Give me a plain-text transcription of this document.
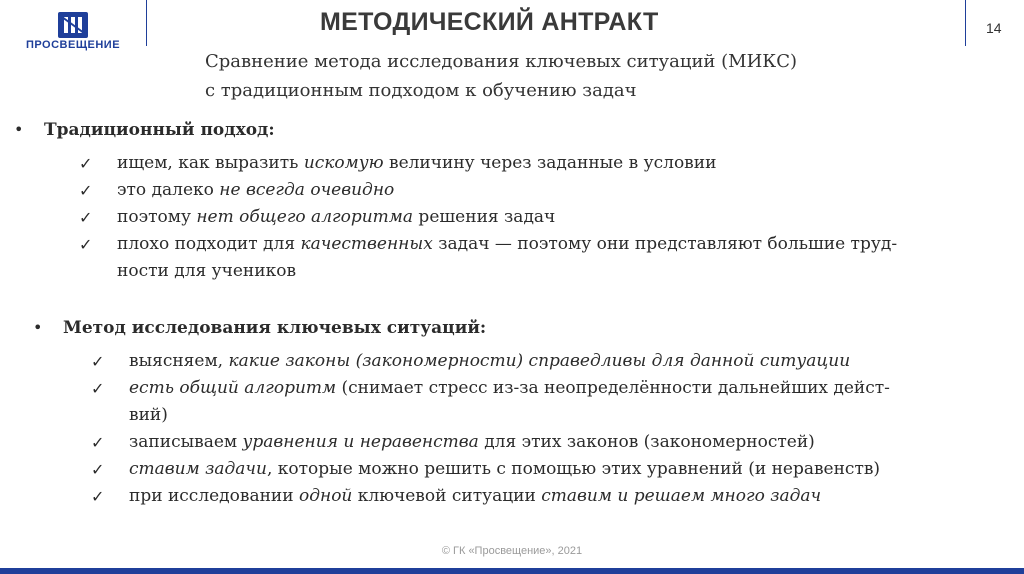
ПРОСВЕЩЕНИЕ
МЕТОДИЧЕСКИЙ АНТРАКТ	14
Сравнение метода исследования ключевых ситуаций (МИКС)
с традиционным подходом к обучению задач
•	Традиционный подход:
✓	ищем, как выразить искомую величину через заданные в условии
✓	это далеко не всегда очевидно
✓	поэтому нет общего алгоритма решения задач
✓	плохо подходит для качественных задач — поэтому они представляют большие труд-
ности для учеников
•	Метод исследования ключевых ситуаций:
✓	выясняем, какие законы (закономерности) справедливы для данной ситуации
✓	есть общий алгоритм (снимает стресс из-за неопределённости дальнейших дейст-
вий)
✓	записываем уравнения и неравенства для этих законов (закономерностей)
✓	ставим задачи, которые можно решить с помощью этих уравнений (и неравенств)
✓	при исследовании одной ключевой ситуации ставим и решаем много задач
© ГК «Просвещение», 2021
